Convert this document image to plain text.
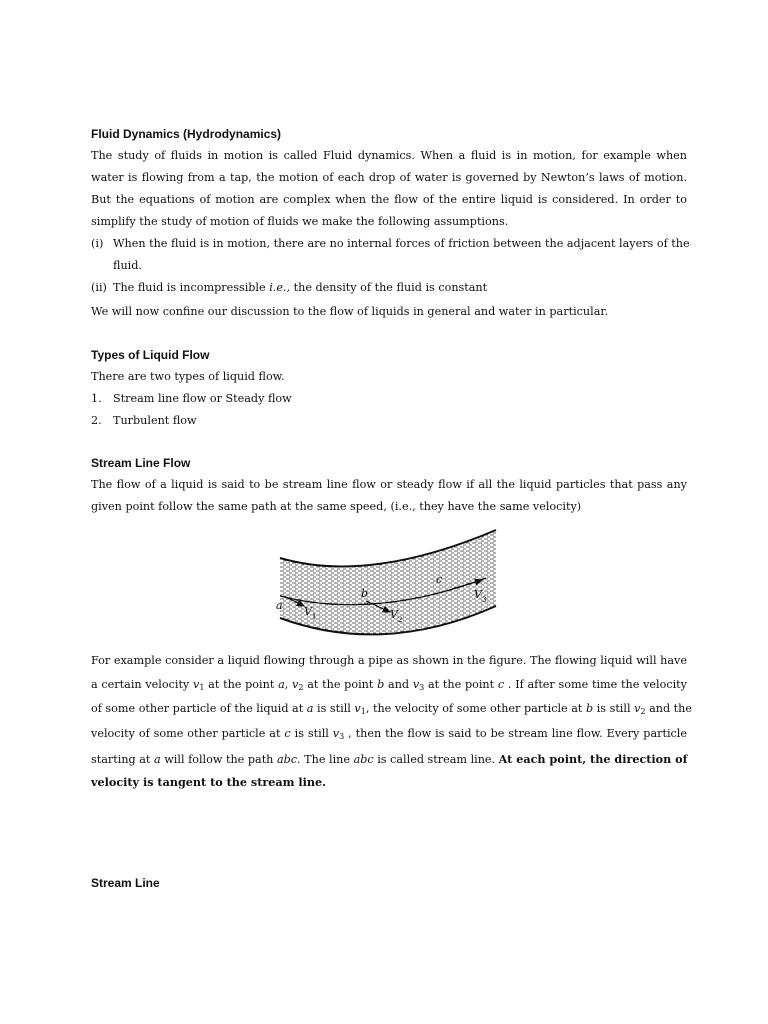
Fluid Dynamics (Hydrodynamics)

The study of fluids in motion is called Fluid dynamics. When a fluid is in motion, for example when water is flowing from a tap, the motion of each drop of water is governed by Newton’s laws of motion. But the equations of motion are complex when the flow of the entire liquid is considered. In order to simplify the study of motion of fluids we make the following assumptions.

(i) When the fluid is in motion, there are no internal forces of friction between the adjacent layers of the
fluid.
(ii) The fluid is incompressible i.e., the density of the fluid is constant
We will now confine our discussion to the flow of liquids in general and water in particular.
Types of Liquid Flow
There are two types of liquid flow.
1. Stream line flow or Steady flow
2. Turbulent flow
Stream Line Flow

The flow of a liquid is said to be stream line flow or steady flow if all the liquid particles that pass any given point follow the same path at the same speed, (i.e., they have the same velocity)

a
b
c
V 1	V 2
V 3
For example consider a liquid flowing through a pipe as shown in the figure. The flowing liquid will have
a certain velocity $v_1$ at the point a, $v_2$ at the point b and $v_3$ at the point c . If after some time the velocity
of some other particle of the liquid at a is still $v_1$, the velocity of some other particle at b is still $v_2$ and the
velocity of some other particle at c is still $v_3$ , then the flow is said to be stream line flow. Every particle
starting at a will follow the path abc. The line abc is called stream line. At each point, the direction of
velocity is tangent to the stream line.
Stream Line
